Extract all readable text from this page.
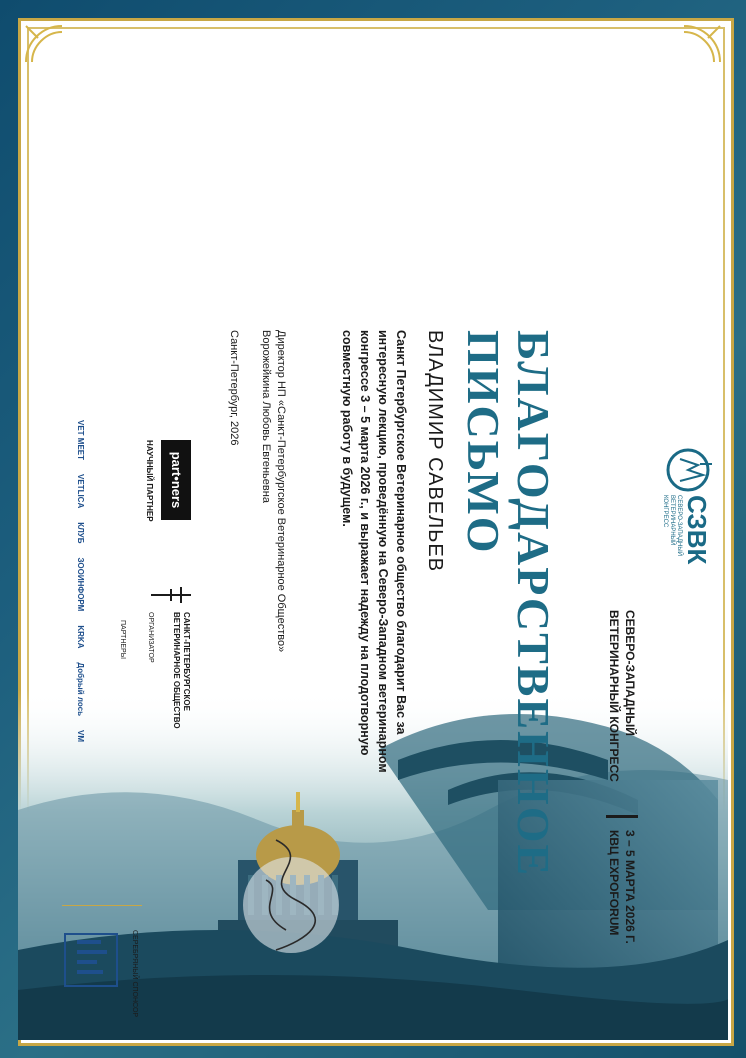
СЗВК
СЕВЕРО-ЗАПАДНЫЙ ВЕТЕРИНАРНЫЙ КОНГРЕСС
СЕВЕРО-ЗАПАДНЫЙ
ВЕТЕРИНАРНЫЙ КОНГРЕСС
3 – 5 МАРТА 2026 Г.
КВЦ EXPOFORUM
БЛАГОДАРСТВЕННОЕ
ПИСЬМО
ВЛАДИМИР САВЕЛЬЕВ
Санкт Петербургское Ветеринарное общество благодарит Вас за
интересную лекцию, проведённую на Северо-Западном ветеринарном
конгрессе 3 – 5 марта 2026 г., и выражает надежду на плодотворную
совместную работу в будущем.
Директор НП «Санкт-Петербургское Ветеринарное Общество»
Ворожейкина Любовь Евгеньевна
Санкт-Петербург, 2026
part•ners
НАУЧНЫЙ ПАРТНЕР
САНКТ-ПЕТЕРБУРГСКОЕ
ВЕТЕРИНАРНОЕ ОБЩЕСТВО
ОРГАНИЗАТОР
ПАРТНЕРЫ
VET MEET
VETLICA
КЛУБ
ЗООИНФОРМ
KRKA
Добрый лось
VM
СЕРЕБРЯНЫЙ СПОНСОР
